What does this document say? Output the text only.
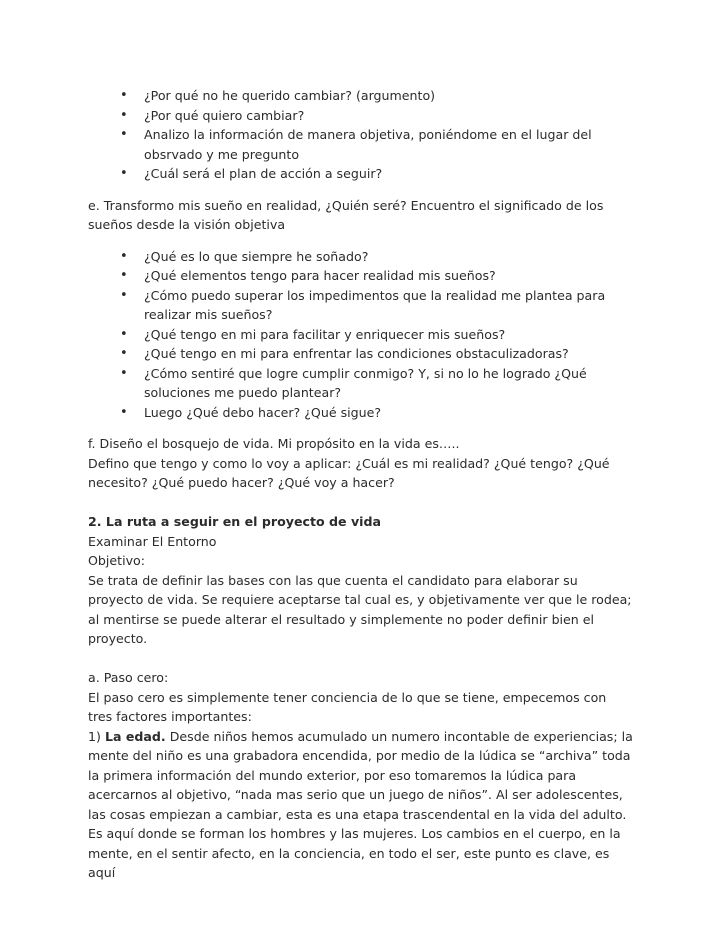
• ¿Por qué no he querido cambiar? (argumento)
• ¿Por qué quiero cambiar?
• Analizo la información de manera objetiva, poniéndome en el lugar del obsrvado y me pregunto
• ¿Cuál será el plan de acción a seguir?

e. Transformo mis sueño en realidad, ¿Quién seré? Encuentro el significado de los sueños desde la visión objetiva

• ¿Qué es lo que siempre he soñado?
• ¿Qué elementos tengo para hacer realidad mis sueños?
• ¿Cómo puedo superar los impedimentos que la realidad me plantea para realizar mis sueños?
• ¿Qué tengo en mi para facilitar y enriquecer mis sueños?
• ¿Qué tengo en mi para enfrentar las condiciones obstaculizadoras?
• ¿Cómo sentiré que logre cumplir conmigo? Y, si no lo he logrado ¿Qué soluciones me puedo plantear?
• Luego ¿Qué debo hacer? ¿Qué sigue?

f. Diseño el bosquejo de vida. Mi propósito en la vida es…..

Defino que tengo y como lo voy a aplicar: ¿Cuál es mi realidad? ¿Qué tengo? ¿Qué necesito? ¿Qué puedo hacer? ¿Qué voy a hacer?

2. La ruta a seguir en el proyecto de vida

Examinar El Entorno

Objetivo:

Se trata de definir las bases con las que cuenta el candidato para elaborar su proyecto de vida. Se requiere aceptarse tal cual es, y objetivamente ver que le rodea; al mentirse se puede alterar el resultado y simplemente no poder definir bien el proyecto.

a. Paso cero:

El paso cero es simplemente tener conciencia de lo que se tiene, empecemos con tres factores importantes:

1) La edad. Desde niños hemos acumulado un numero incontable de experiencias; la mente del niño es una grabadora encendida, por medio de la lúdica se “archiva” toda la primera información del mundo exterior, por eso tomaremos la lúdica para acercarnos al objetivo, “nada mas serio que un juego de niños”. Al ser adolescentes, las cosas empiezan a cambiar, esta es una etapa trascendental en la vida del adulto. Es aquí donde se forman los hombres y las mujeres. Los cambios en el cuerpo, en la mente, en el sentir afecto, en la conciencia, en todo el ser, este punto es clave, es aquí
